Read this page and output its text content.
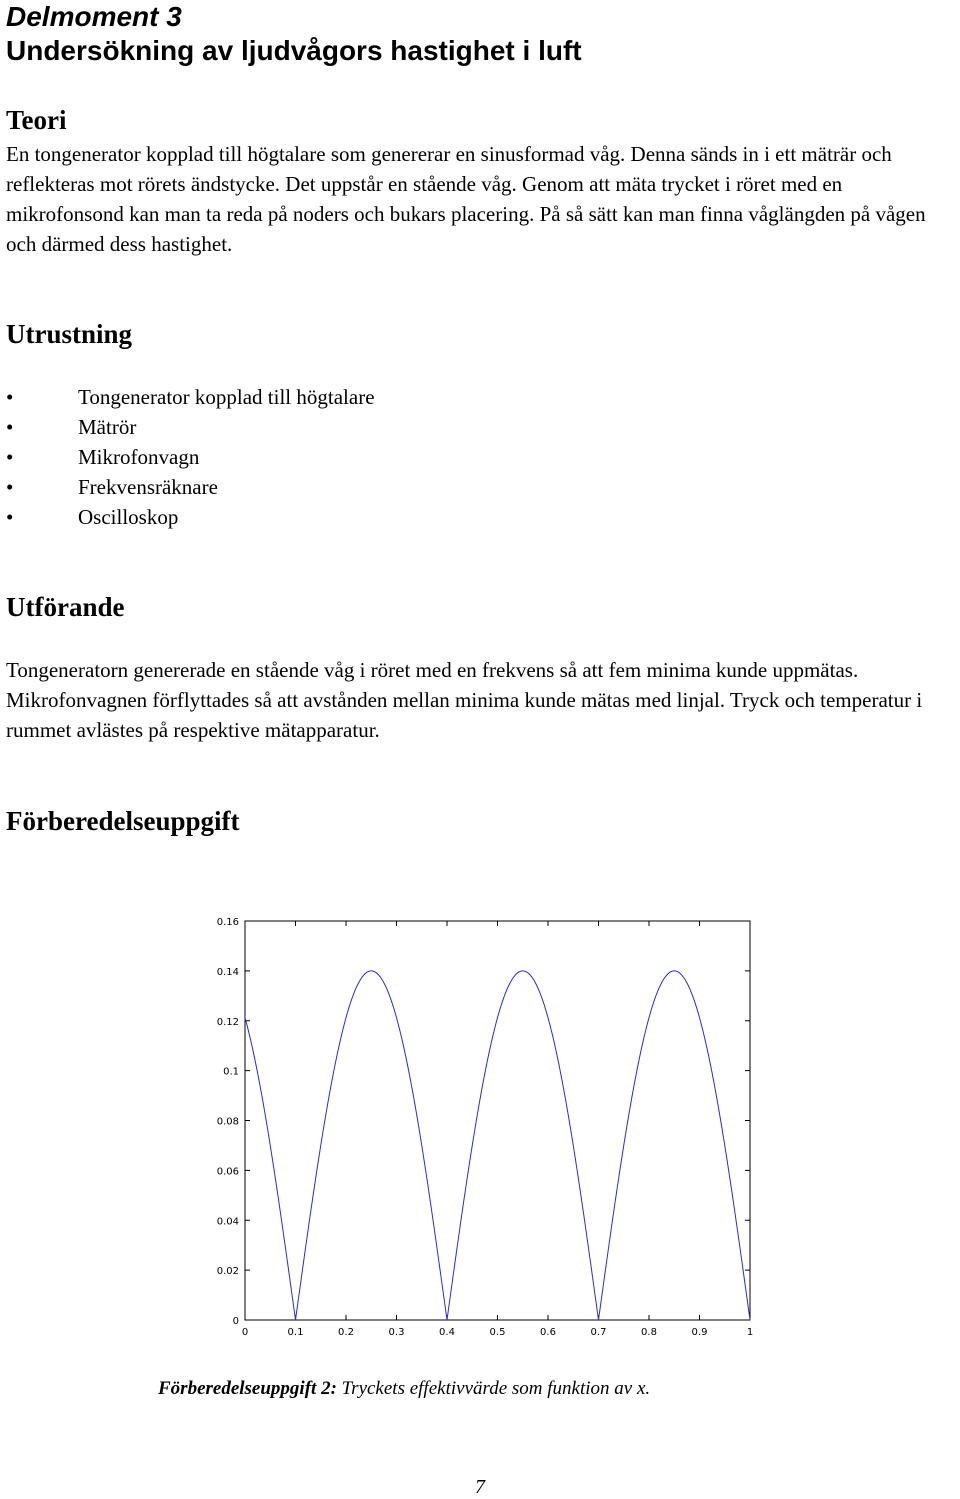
Delmoment 3
Undersökning av ljudvågors hastighet i luft
Teori

En tongenerator kopplad till högtalare som genererar en sinusformad våg. Denna sänds in i ett mäträr och reflekteras mot rörets ändstycke. Det uppstår en stående våg. Genom att mäta trycket i röret med en mikrofonsond kan man ta reda på noders och bukars placering. På så sätt kan man finna våglängden på vågen och därmed dess hastighet.

Utrustning
•	Tongenerator kopplad till högtalare
•	Mätrör
•	Mikrofonvagn
•	Frekvensräknare
•	Oscilloskop
Utförande

Tongeneratorn genererade en stående våg i röret med en frekvens så att fem minima kunde uppmätas. Mikrofonvagnen förflyttades så att avstånden mellan minima kunde mätas med linjal. Tryck och temperatur i rummet avlästes på respektive mätapparatur.

Förberedelseuppgift
0	0.1	0.2	0.3	0.4	0.5	0.6	0.7	0.8	0.9	1
0
0.02
0.04
0.06
0.08
0.1
0.12
0.14
0.16
Förberedelseuppgift 2: Tryckets effektivvärde som funktion av x.
7
